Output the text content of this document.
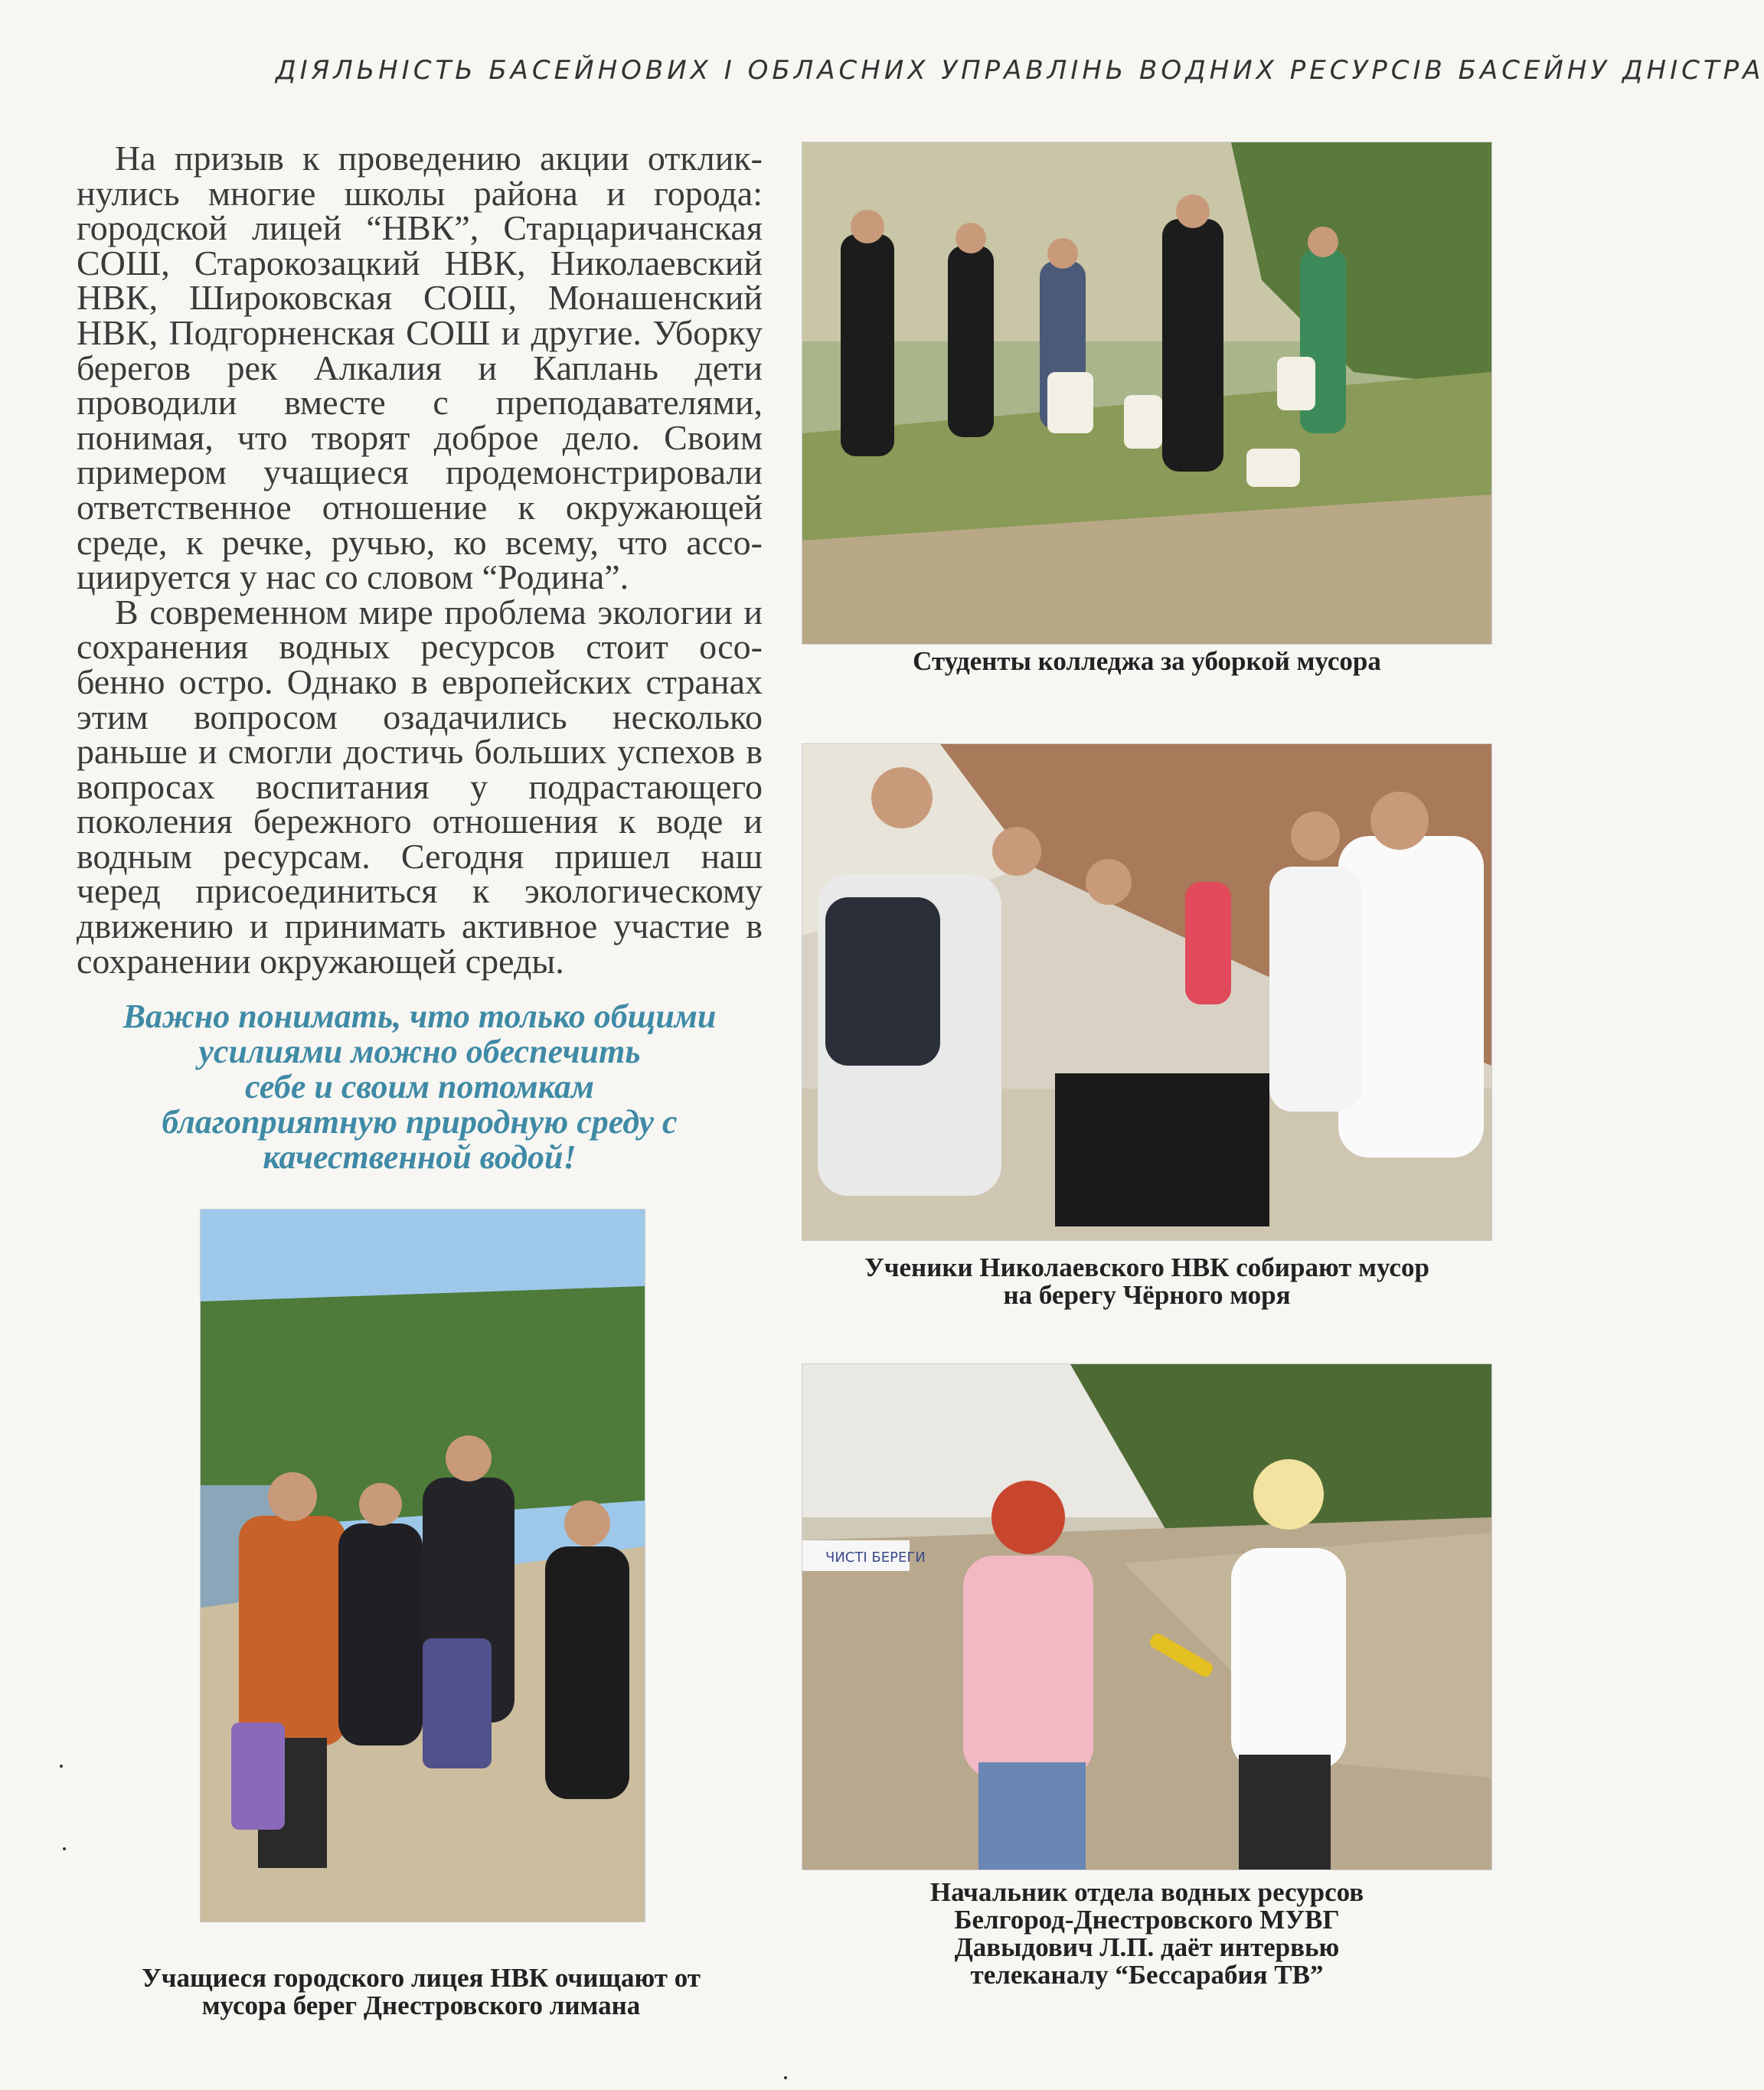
ДІЯЛЬНІСТЬ БАСЕЙНОВИХ І ОБЛАСНИХ УПРАВЛІНЬ ВОДНИХ РЕСУРСІВ БАСЕЙНУ ДНІСТРА

На призыв к проведению акции отклик- нулись многие школы района и города: городской лицей “НВК”, Старцаричанская СОШ, Старокозацкий НВК, Николаевский НВК, Широковская СОШ, Монашенский НВК, Подгорненская СОШ и другие. Уборку берегов рек Алкалия и Каплань дети проводили вместе с преподавателями, понимая, что творят доброе дело. Своим примером учащиеся продемонстрировали ответственное отношение к окружающей среде, к речке, ручью, ко всему, что ассо- циируется у нас со словом “Родина”.

В современном мире проблема экологии и сохранения водных ресурсов стоит осо- бенно остро. Однако в европейских странах этим вопросом озадачились несколько раньше и смогли достичь больших успехов в вопросах воспитания у подрастающего поколения бережного отношения к воде и водным ресурсам. Сегодня пришел наш черед присоединиться к экологическому движению и принимать активное участие в сохранении окружающей среды.

Важно понимать, что только общими
усилиями можно обеспечить
себе и своим потомкам
благоприятную природную среду с
качественной водой!
Студенты колледжа за уборкой мусора
Ученики Николаевского НВК собирают мусор
на берегу Чёрного моря
ЧИСТІ БЕРЕГИ
Начальник отдела водных ресурсов
Белгород-Днестровского МУВГ
Давыдович Л.П. даёт интервью
телеканалу “Бессарабия ТВ”
Учащиеся городского лицея НВК очищают от
мусора берег Днестровского лимана
